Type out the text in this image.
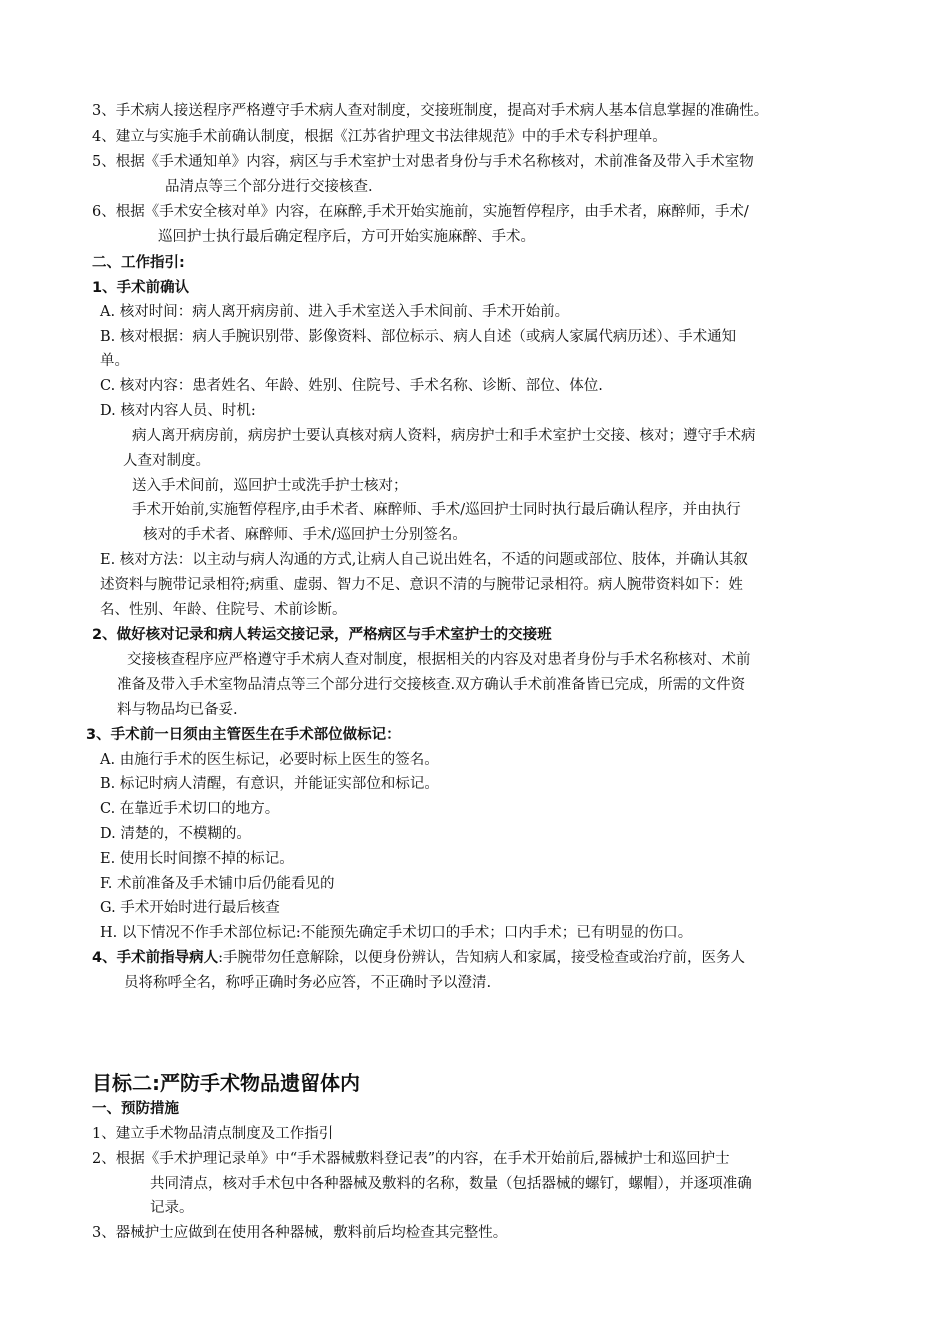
3、手术病人接送程序严格遵守手术病人查对制度，交接班制度，提高对手术病人基本信息掌握的准确性。
4、建立与实施手术前确认制度，根据《江苏省护理文书法律规范》中的手术专科护理单。
5、根据《手术通知单》内容，病区与手术室护士对患者身份与手术名称核对，术前准备及带入手术室物
品清点等三个部分进行交接核查.
6、根据《手术安全核对单》内容，在麻醉,手术开始实施前，实施暂停程序，由手术者，麻醉师，手术/
巡回护士执行最后确定程序后，方可开始实施麻醉、手术。
二、工作指引:
1、手术前确认
A. 核对时间：病人离开病房前、进入手术室送入手术间前、手术开始前。
B. 核对根据：病人手腕识别带、影像资料、部位标示、病人自述（或病人家属代病历述）、手术通知
单。
C. 核对内容：患者姓名、年龄、姓别、住院号、手术名称、诊断、部位、体位.
D. 核对内容人员、时机:
病人离开病房前，病房护士要认真核对病人资料，病房护士和手术室护士交接、核对；遵守手术病
人查对制度。
送入手术间前，巡回护士或洗手护士核对；
手术开始前,实施暂停程序,由手术者、麻醉师、手术/巡回护士同时执行最后确认程序，并由执行
核对的手术者、麻醉师、手术/巡回护士分别签名。
E. 核对方法：以主动与病人沟通的方式,让病人自己说出姓名，不适的问题或部位、肢体，并确认其叙
述资料与腕带记录相符;病重、虚弱、智力不足、意识不清的与腕带记录相符。病人腕带资料如下：姓
名、性别、年龄、住院号、术前诊断。
2、做好核对记录和病人转运交接记录，严格病区与手术室护士的交接班
交接核查程序应严格遵守手术病人查对制度，根据相关的内容及对患者身份与手术名称核对、术前
准备及带入手术室物品清点等三个部分进行交接核查.双方确认手术前准备皆已完成，所需的文件资
料与物品均已备妥.
3、手术前一日须由主管医生在手术部位做标记：
A. 由施行手术的医生标记，必要时标上医生的签名。
B. 标记时病人清醒，有意识，并能证实部位和标记。
C. 在靠近手术切口的地方。
D. 清楚的，不模糊的。
E. 使用长时间擦不掉的标记。
F. 术前准备及手术铺巾后仍能看见的
G. 手术开始时进行最后核查
H. 以下情况不作手术部位标记:不能预先确定手术切口的手术；口内手术；已有明显的伤口。
4、手术前指导病人:手腕带勿任意解除，以便身份辨认，告知病人和家属，接受检查或治疗前，医务人
员将称呼全名，称呼正确时务必应答，不正确时予以澄清.
目标二:严防手术物品遗留体内
一、预防措施
1、建立手术物品清点制度及工作指引
2、根据《手术护理记录单》中“手术器械敷料登记表”的内容，在手术开始前后,器械护士和巡回护士
共同清点，核对手术包中各种器械及敷料的名称，数量（包括器械的螺钉，螺帽），并逐项准确
记录。
3、器械护士应做到在使用各种器械，敷料前后均检查其完整性。
